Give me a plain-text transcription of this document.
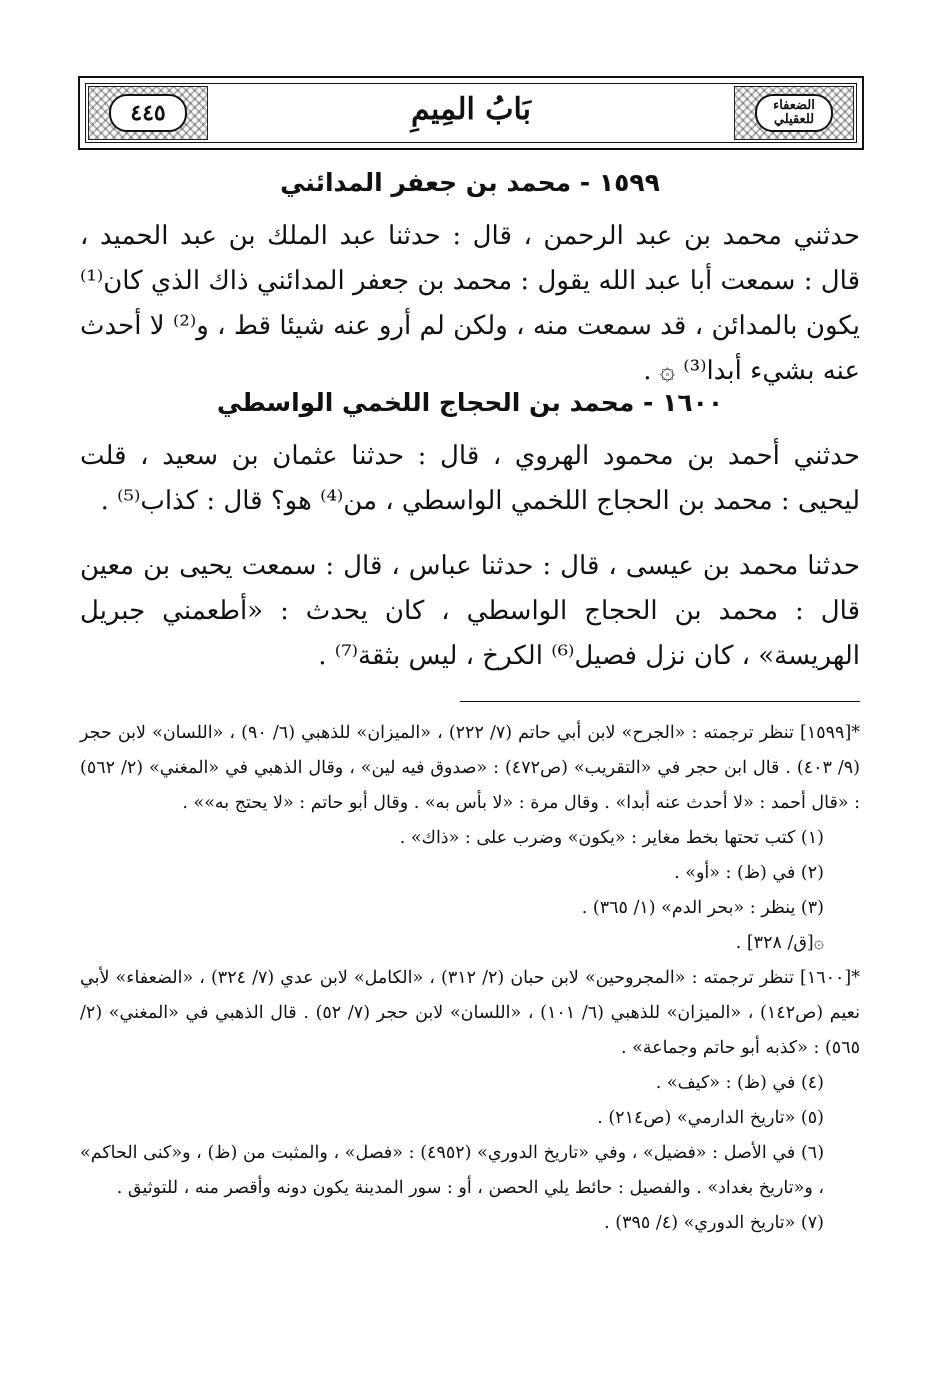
الضعفاء للعقيلي
بَابُ المِيمِ
٤٤٥
١٥٩٩ - محمد بن جعفر المدائني
حدثني محمد بن عبد الرحمن ، قال : حدثنا عبد الملك بن عبد الحميد ، قال : سمعت أبا عبد الله يقول : محمد بن جعفر المدائني ذاك الذي كان⁽¹⁾ يكون بالمدائن ، قد سمعت منه ، ولكن لم أرو عنه شيئا قط ، و⁽²⁾ لا أحدث عنه بشيء أبدا⁽³⁾ ۞ .
١٦٠٠ - محمد بن الحجاج اللخمي الواسطي
حدثني أحمد بن محمود الهروي ، قال : حدثنا عثمان بن سعيد ، قلت ليحيى : محمد بن الحجاج اللخمي الواسطي ، من⁽⁴⁾ هو؟ قال : كذاب⁽⁵⁾ .
حدثنا محمد بن عيسى ، قال : حدثنا عباس ، قال : سمعت يحيى بن معين قال : محمد بن الحجاج الواسطي ، كان يحدث : «أطعمني جبريل الهريسة» ، كان نزل فصيل⁽⁶⁾ الكرخ ، ليس بثقة⁽⁷⁾ .
*[١٥٩٩] تنظر ترجمته : «الجرح» لابن أبي حاتم (٧/ ٢٢٢) ، «الميزان» للذهبي (٦/ ٩٠) ، «اللسان» لابن حجر (٩/ ٤٠٣) . قال ابن حجر في «التقريب» (ص٤٧٢) : «صدوق فيه لين» ، وقال الذهبي في «المغني» (٢/ ٥٦٢) : «قال أحمد : «لا أحدث عنه أبدا» . وقال مرة : «لا بأس به» . وقال أبو حاتم : «لا يحتج به»» .
(١) كتب تحتها بخط مغاير : «يكون» وضرب على : «ذاك» .
(٢) في (ظ) : «أو» .
(٣) ينظر : «بحر الدم» (١/ ٣٦٥) .
۞[ق/ ٣٢٨] .
*[١٦٠٠] تنظر ترجمته : «المجروحين» لابن حبان (٢/ ٣١٢) ، «الكامل» لابن عدي (٧/ ٣٢٤) ، «الضعفاء» لأبي نعيم (ص١٤٢) ، «الميزان» للذهبي (٦/ ١٠١) ، «اللسان» لابن حجر (٧/ ٥٢) . قال الذهبي في «المغني» (٢/ ٥٦٥) : «كذبه أبو حاتم وجماعة» .
(٤) في (ظ) : «كيف» .
(٥) «تاريخ الدارمي» (ص٢١٤) .
(٦) في الأصل : «فضيل» ، وفي «تاريخ الدوري» (٤٩٥٢) : «فصل» ، والمثبت من (ظ) ، و«كنى الحاكم» ، و«تاريخ بغداد» . والفصيل : حائط يلي الحصن ، أو : سور المدينة يكون دونه وأقصر منه ، للتوثيق .
(٧) «تاريخ الدوري» (٤/ ٣٩٥) .
